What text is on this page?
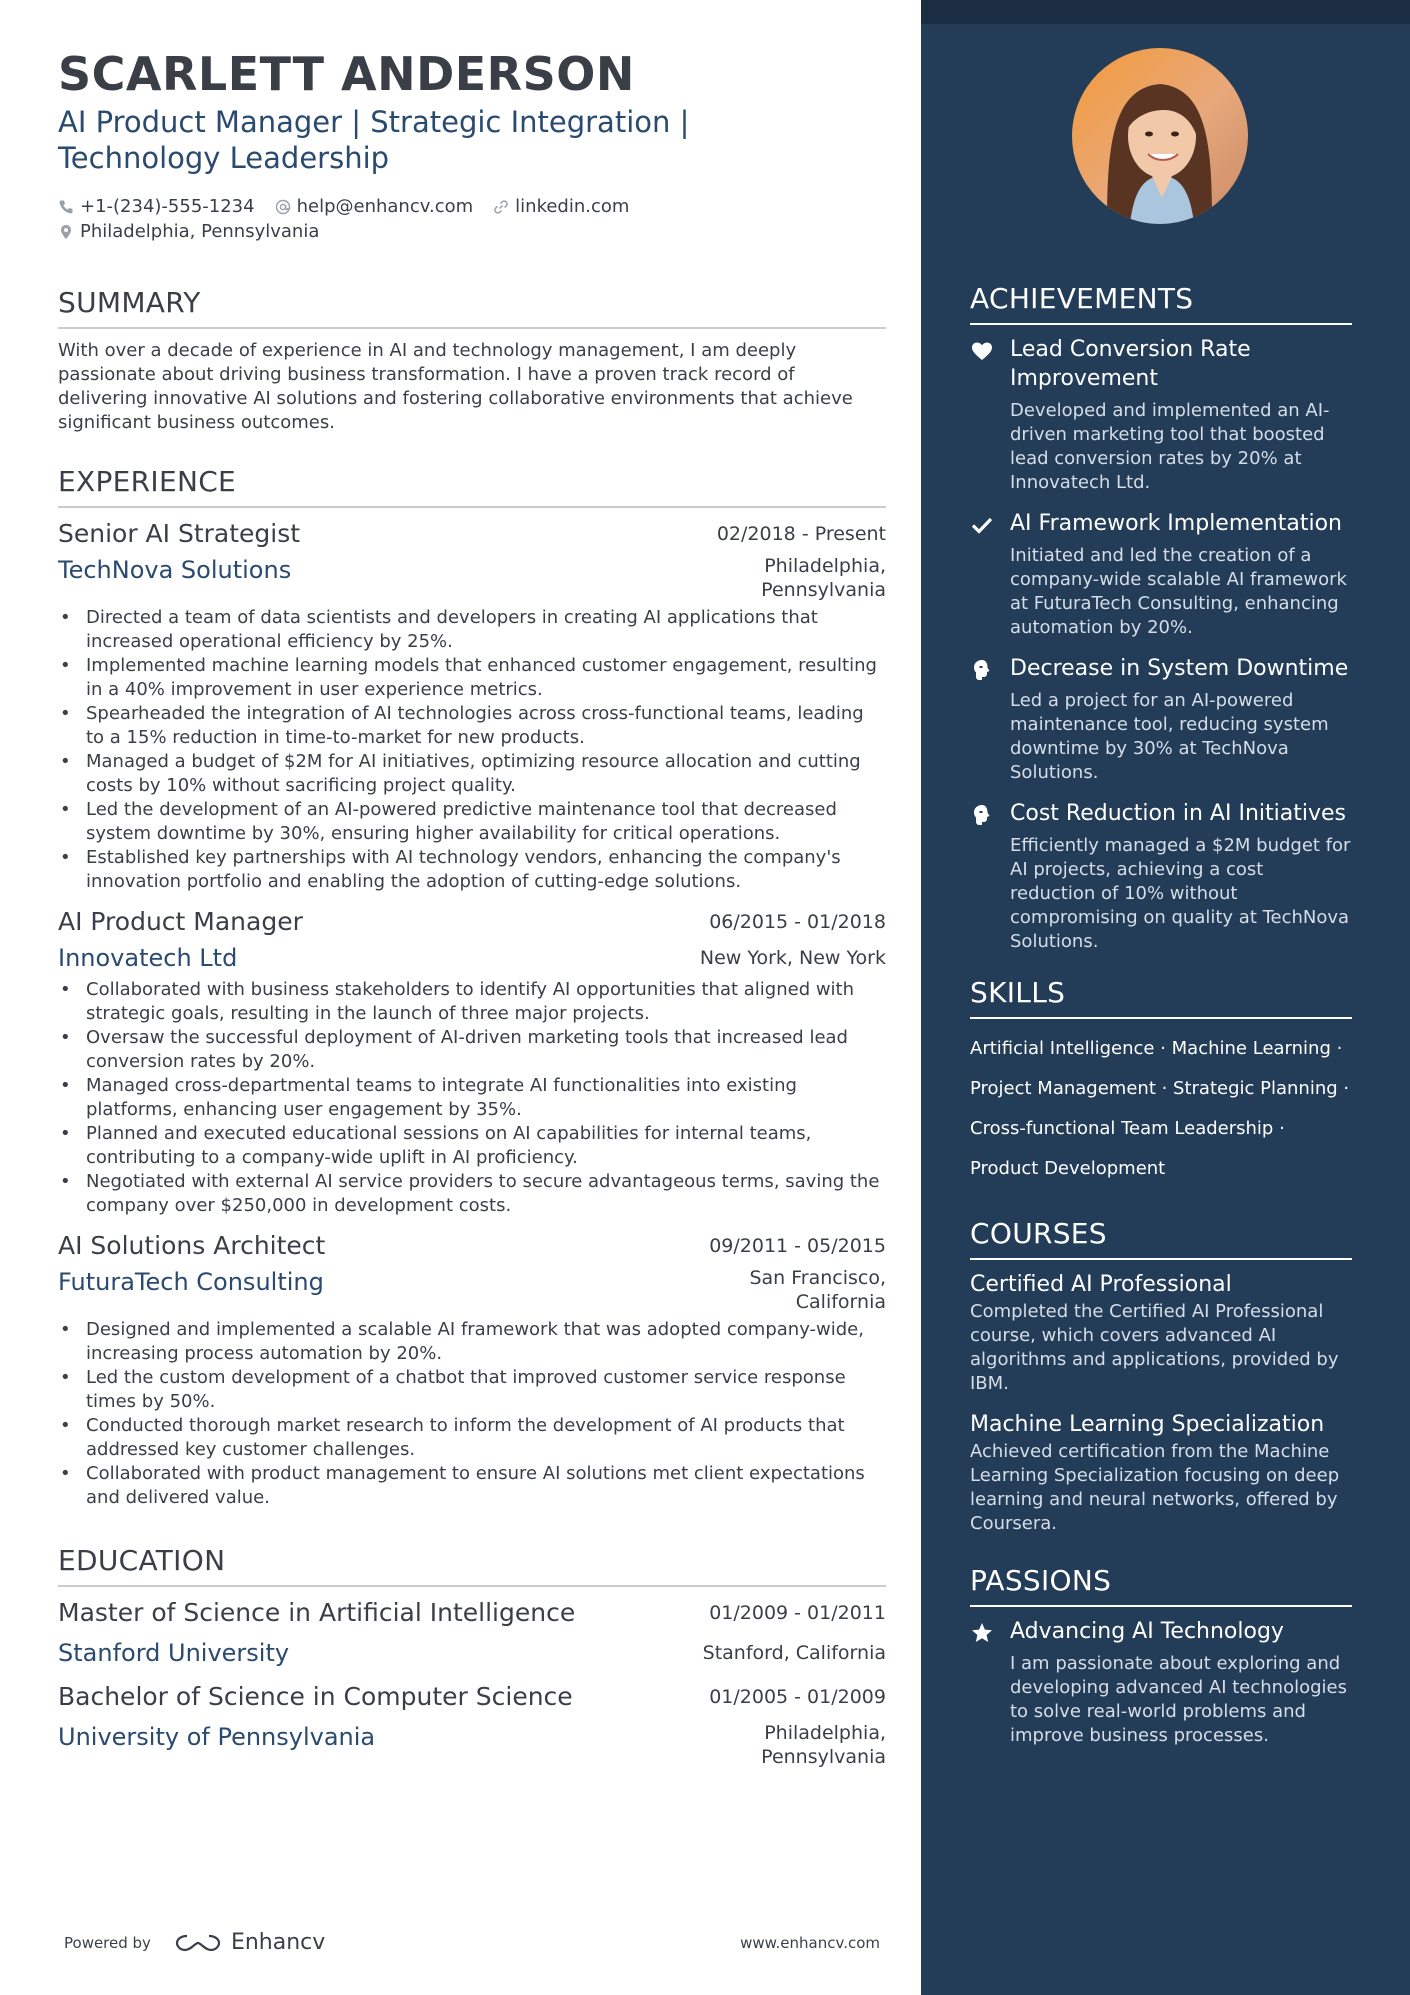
SCARLETT ANDERSON
AI Product Manager | Strategic Integration | Technology Leadership
+1-(234)-555-1234 help@enhancv.com linkedin.com
Philadelphia, Pennsylvania
SUMMARY
With over a decade of experience in AI and technology management, I am deeply passionate about driving business transformation. I have a proven track record of delivering innovative AI solutions and fostering collaborative environments that achieve significant business outcomes.
EXPERIENCE
Senior AI Strategist	02/2018 - Present
TechNova Solutions	Philadelphia,
Pennsylvania
• Directed a team of data scientists and developers in creating AI applications that increased operational efficiency by 25%.
• Implemented machine learning models that enhanced customer engagement, resulting in a 40% improvement in user experience metrics.
• Spearheaded the integration of AI technologies across cross-functional teams, leading to a 15% reduction in time-to-market for new products.
• Managed a budget of $2M for AI initiatives, optimizing resource allocation and cutting costs by 10% without sacrificing project quality.
• Led the development of an AI-powered predictive maintenance tool that decreased system downtime by 30%, ensuring higher availability for critical operations.
• Established key partnerships with AI technology vendors, enhancing the company's innovation portfolio and enabling the adoption of cutting-edge solutions.
AI Product Manager	06/2015 - 01/2018
Innovatech Ltd	New York, New York
• Collaborated with business stakeholders to identify AI opportunities that aligned with strategic goals, resulting in the launch of three major projects.
• Oversaw the successful deployment of AI-driven marketing tools that increased lead conversion rates by 20%.
• Managed cross-departmental teams to integrate AI functionalities into existing platforms, enhancing user engagement by 35%.
• Planned and executed educational sessions on AI capabilities for internal teams, contributing to a company-wide uplift in AI proficiency.
• Negotiated with external AI service providers to secure advantageous terms, saving the company over $250,000 in development costs.
AI Solutions Architect	09/2011 - 05/2015
FuturaTech Consulting	San Francisco,
California
• Designed and implemented a scalable AI framework that was adopted company-wide, increasing process automation by 20%.
• Led the custom development of a chatbot that improved customer service response times by 50%.
• Conducted thorough market research to inform the development of AI products that addressed key customer challenges.
• Collaborated with product management to ensure AI solutions met client expectations and delivered value.
EDUCATION
Master of Science in Artificial Intelligence	01/2009 - 01/2011
Stanford University	Stanford, California
Bachelor of Science in Computer Science	01/2005 - 01/2009
University of Pennsylvania	Philadelphia,
Pennsylvania
Powered by	Enhancv	www.enhancv.com
ACHIEVEMENTS
Lead Conversion Rate Improvement
Developed and implemented an AI-driven marketing tool that boosted lead conversion rates by 20% at Innovatech Ltd.
AI Framework Implementation
Initiated and led the creation of a company-wide scalable AI framework at FuturaTech Consulting, enhancing automation by 20%.
Decrease in System Downtime
Led a project for an AI-powered maintenance tool, reducing system downtime by 30% at TechNova Solutions.
Cost Reduction in AI Initiatives
Efficiently managed a $2M budget for AI projects, achieving a cost reduction of 10% without compromising on quality at TechNova Solutions.
SKILLS
Artificial Intelligence · Machine Learning ·
Project Management · Strategic Planning ·
Cross-functional Team Leadership ·
Product Development
COURSES
Certified AI Professional
Completed the Certified AI Professional course, which covers advanced AI algorithms and applications, provided by IBM.
Machine Learning Specialization
Achieved certification from the Machine Learning Specialization focusing on deep learning and neural networks, offered by Coursera.
PASSIONS
Advancing AI Technology
I am passionate about exploring and developing advanced AI technologies to solve real-world problems and improve business processes.
